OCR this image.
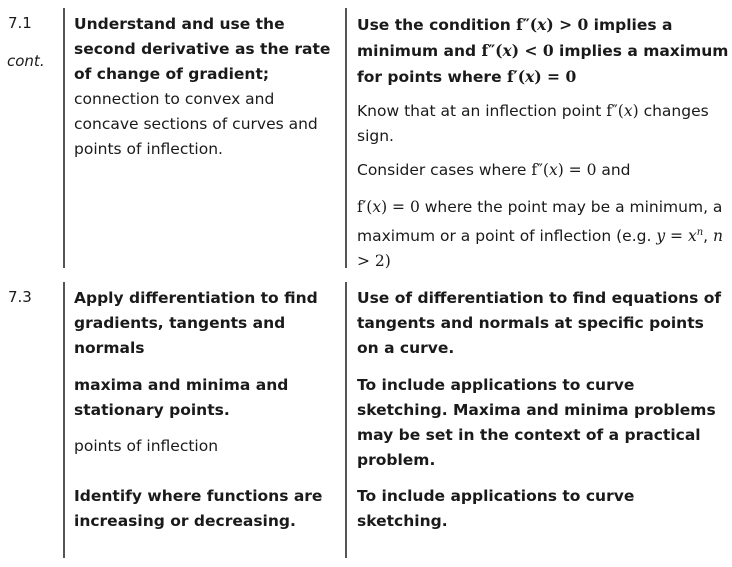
7.1
cont.
Understand and use the second derivative as the rate of change of gradient;
connection to convex and concave sections of curves and points of inflection.
Use the condition f″(x) > 0 implies a minimum and f″(x) < 0 implies a maximum for points where f′(x) = 0
Know that at an inflection point f″(x) changes sign.
Consider cases where f″(x) = 0 and
f′(x) = 0 where the point may be a minimum, a maximum or a point of inflection (e.g. $y = x^n$, n > 2)
7.3	Apply differentiation to find gradients, tangents and normals
maxima and minima and stationary points.
points of inflection
Identify where functions are increasing or decreasing.
Use of differentiation to find equations of tangents and normals at specific points on a curve.
To include applications to curve sketching. Maxima and minima problems may be set in the context of a practical problem.
To include applications to curve sketching.
